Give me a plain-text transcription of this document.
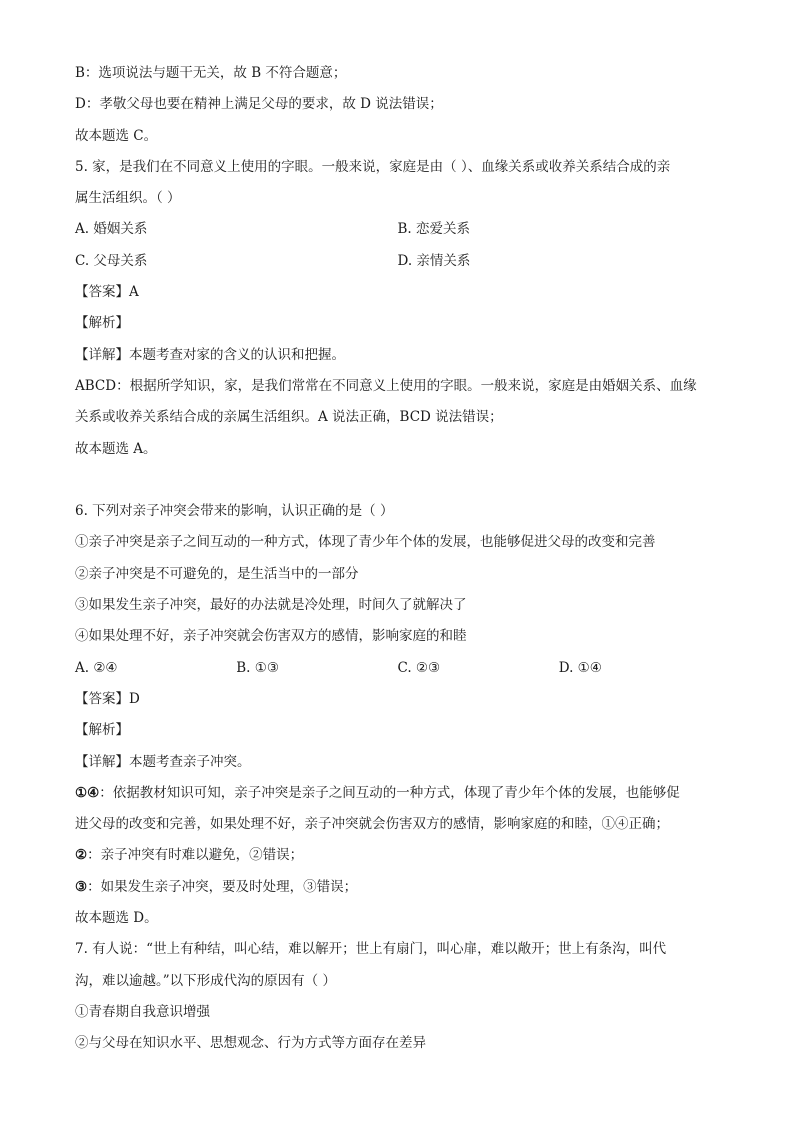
B：选项说法与题干无关，故 B 不符合题意；
D：孝敬父母也要在精神上满足父母的要求，故 D 说法错误；
故本题选 C。
5. 家，是我们在不同意义上使用的字眼。一般来说，家庭是由（ ）、血缘关系或收养关系结合成的亲
属生活组织。（ ）
A. 婚姻关系	B. 恋爱关系
C. 父母关系	D. 亲情关系
【答案】A
【解析】
【详解】本题考查对家的含义的认识和把握。
ABCD：根据所学知识，家，是我们常常在不同意义上使用的字眼。一般来说，家庭是由婚姻关系、血缘
关系或收养关系结合成的亲属生活组织。A 说法正确，BCD 说法错误；
故本题选 A。
6. 下列对亲子冲突会带来的影响，认识正确的是（ ）
①亲子冲突是亲子之间互动的一种方式，体现了青少年个体的发展，也能够促进父母的改变和完善
②亲子冲突是不可避免的，是生活当中的一部分
③如果发生亲子冲突，最好的办法就是冷处理，时间久了就解决了
④如果处理不好，亲子冲突就会伤害双方的感情，影响家庭的和睦
A. ②④	B. ①③	C. ②③	D. ①④
【答案】D
【解析】
【详解】本题考查亲子冲突。
①④：依据教材知识可知，亲子冲突是亲子之间互动的一种方式，体现了青少年个体的发展，也能够促
进父母的改变和完善，如果处理不好，亲子冲突就会伤害双方的感情，影响家庭的和睦，①④正确；
②：亲子冲突有时难以避免，②错误；
③：如果发生亲子冲突，要及时处理，③错误；
故本题选 D。
7. 有人说：“世上有种结，叫心结，难以解开；世上有扇门，叫心扉，难以敞开；世上有条沟，叫代
沟，难以逾越。”以下形成代沟的原因有（ ）
①青春期自我意识增强
②与父母在知识水平、思想观念、行为方式等方面存在差异
